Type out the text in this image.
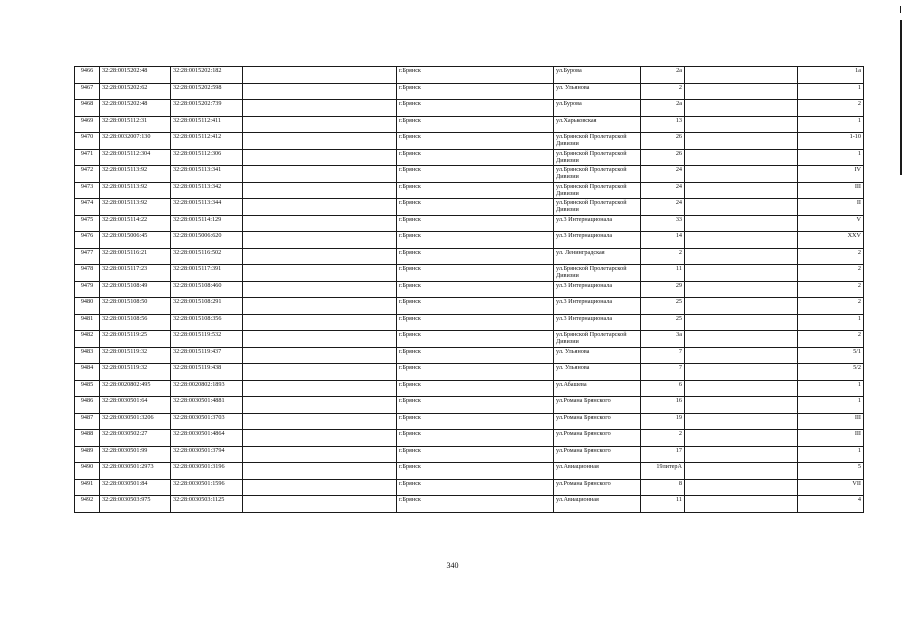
9466	32:28:0015202:48	32:28:0015202:182		г.Брянск	ул.Бурова	2а		1а
9467	32:28:0015202:62	32:28:0015202:598		г.Брянск	ул. Ульянова	2		1
9468	32:28:0015202:48	32:28:0015202:739		г.Брянск	ул.Бурова	2а		2
9469	32:28:0015112:31	32:28:0015112:411		г.Брянск	ул.Харьковская	13		1
9470	32:28:0032007:130	32:28:0015112:412		г.Брянск	ул.Брянской Пролетарской Дивизии	26		1-10
9471	32:28:0015112:304	32:28:0015112:306		г.Брянск	ул.Брянской Пролетарской Дивизии	26		1
9472	32:28:0015113:92	32:28:0015113:341		г.Брянск	ул.Брянской Пролетарской Дивизии	24		IV
9473	32:28:0015113:92	32:28:0015113:342		г.Брянск	ул.Брянской Пролетарской Дивизии	24		III
9474	32:28:0015113:92	32:28:0015113:344		г.Брянск	ул.Брянской Пролетарской Дивизии	24		II
9475	32:28:0015114:22	32:28:0015114:129		г.Брянск	ул.3 Интернационала	33		V
9476	32:28:0015006:45	32:28:0015006:620		г.Брянск	ул.3 Интернационала	14		XXV
9477	32:28:0015116:21	32:28:0015116:502		г.Брянск	ул. Ленинградская	2		2
9478	32:28:0015117:23	32:28:0015117:391		г.Брянск	ул.Брянской Пролетарской Дивизии	11		2
9479	32:28:0015108:49	32:28:0015108:460		г.Брянск	ул.3 Интернационала	29		2
9480	32:28:0015108:50	32:28:0015108:291		г.Брянск	ул.3 Интернационала	25		2
9481	32:28:0015108:56	32:28:0015108:356		г.Брянск	ул.3 Интернационала	25		1
9482	32:28:0015119:25	32:28:0015119:532		г.Брянск	ул.Брянской Пролетарской Дивизии	3а		2
9483	32:28:0015119:32	32:28:0015119:437		г.Брянск	ул. Ульянова	7		5/1
9484	32:28:0015119:32	32:28:0015119:438		г.Брянск	ул. Ульянова	7		5/2
9485	32:28:0020802:495	32:28:0020802:1893		г.Брянск	ул.Абашева	6		1
9486	32:28:0030501:64	32:28:0030501:4881		г.Брянск	ул.Романа Брянского	16		1
9487	32:28:0030501:3206	32:28:0030501:3703		г.Брянск	ул.Романа Брянского	19		III
9488	32:28:0030502:27	32:28:0030501:4864		г.Брянск	ул.Романа Брянского	2		III
9489	32:28:0030501:99	32:28:0030501:3794		г.Брянск	ул.Романа Брянского	17		1
9490	32:28:0030501:2973	32:28:0030501:3196		г.Брянск	ул.Авиационная	19литерА		5
9491	32:28:0030501:84	32:28:0030501:1596		г.Брянск	ул.Романа Брянского	8		VII
9492	32:28:0030503:975	32:28:0030503:1125		г.Брянск	ул.Авиационная	11		4
340
